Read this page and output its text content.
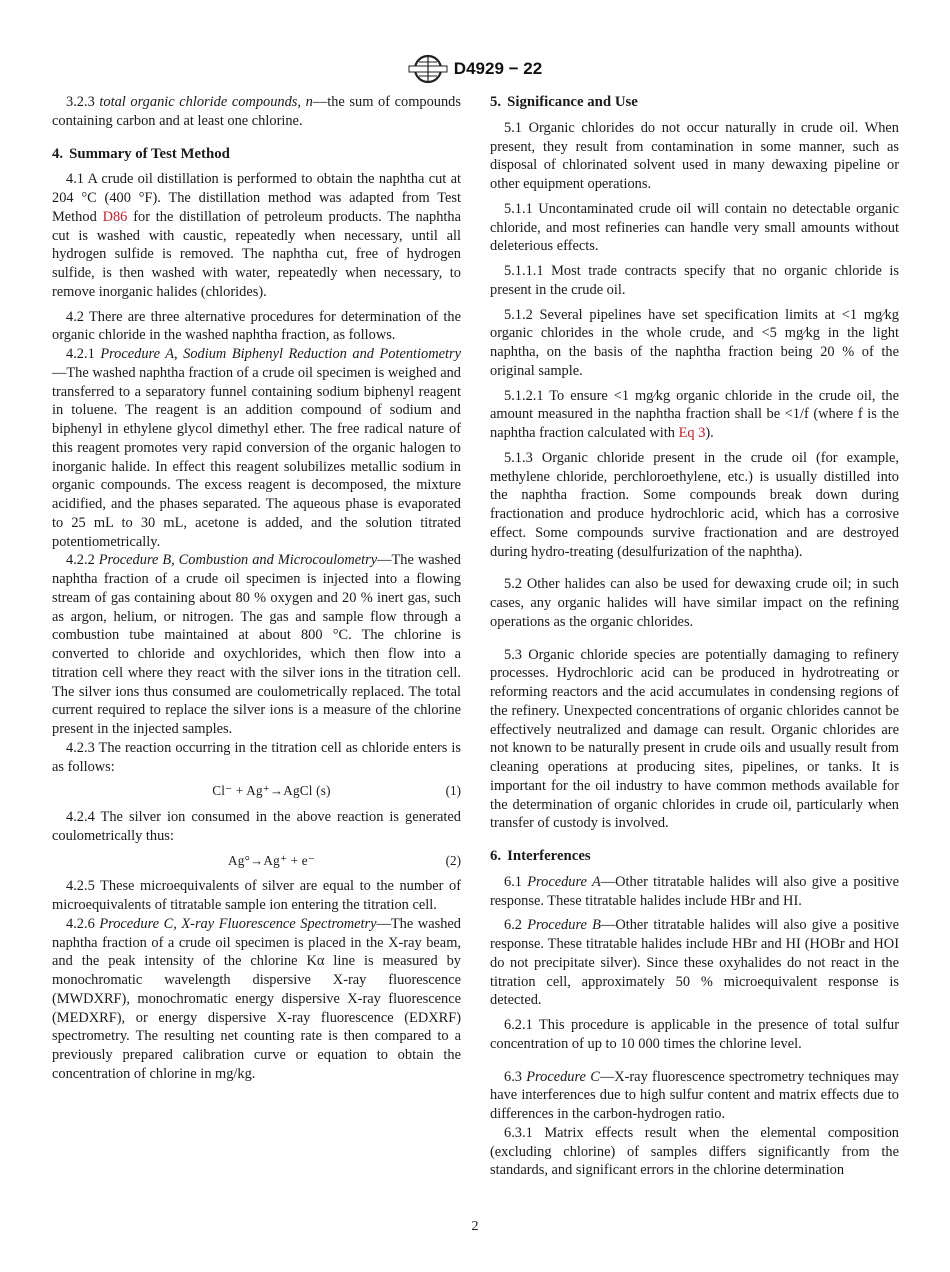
D4929 − 22

3.2.3 total organic chloride compounds, n—the sum of compounds containing carbon and at least one chlorine.

4. Summary of Test Method

4.1 A crude oil distillation is performed to obtain the naphtha cut at 204 °C (400 °F). The distillation method was adapted from Test Method D86 for the distillation of petroleum products. The naphtha cut is washed with caustic, repeatedly when necessary, until all hydrogen sulfide is removed. The naphtha cut, free of hydrogen sulfide, is then washed with water, repeatedly when necessary, to remove inorganic halides (chlorides).

4.2 There are three alternative procedures for determination of the organic chloride in the washed naphtha fraction, as follows.

4.2.1 Procedure A, Sodium Biphenyl Reduction and Potentiometry—The washed naphtha fraction of a crude oil specimen is weighed and transferred to a separatory funnel containing sodium biphenyl reagent in toluene. The reagent is an addition compound of sodium and biphenyl in ethylene glycol dimethyl ether. The free radical nature of this reagent promotes very rapid conversion of the organic halogen to inorganic halide. In effect this reagent solubilizes metallic sodium in organic compounds. The excess reagent is decomposed, the mixture acidified, and the phases separated. The aqueous phase is evaporated to 25 mL to 30 mL, acetone is added, and the solution titrated potentiometrically.

4.2.2 Procedure B, Combustion and Microcoulometry—The washed naphtha fraction of a crude oil specimen is injected into a flowing stream of gas containing about 80 % oxygen and 20 % inert gas, such as argon, helium, or nitrogen. The gas and sample flow through a combustion tube maintained at about 800 °C. The chlorine is converted to chloride and oxychlorides, which then flow into a titration cell where they react with the silver ions in the titration cell. The silver ions thus consumed are coulometrically replaced. The total current required to replace the silver ions is a measure of the chlorine present in the injected samples.

4.2.3 The reaction occurring in the titration cell as chloride enters is as follows:

Cl⁻ + Ag⁺→AgCl (s)	(1)

4.2.4 The silver ion consumed in the above reaction is generated coulometrically thus:

Ag°→Ag⁺ + e⁻	(2)

4.2.5 These microequivalents of silver are equal to the number of microequivalents of titratable sample ion entering the titration cell.

4.2.6 Procedure C, X-ray Fluorescence Spectrometry—The washed naphtha fraction of a crude oil specimen is placed in the X-ray beam, and the peak intensity of the chlorine Kα line is measured by monochromatic wavelength dispersive X-ray fluorescence (MWDXRF), monochromatic energy dispersive X-ray fluorescence (MEDXRF), or energy dispersive X-ray fluorescence (EDXRF) spectrometry. The resulting net counting rate is then compared to a previously prepared calibration curve or equation to obtain the concentration of chlorine in mg/kg.

5. Significance and Use

5.1 Organic chlorides do not occur naturally in crude oil. When present, they result from contamination in some manner, such as disposal of chlorinated solvent used in many dewaxing pipeline or other equipment operations.

5.1.1 Uncontaminated crude oil will contain no detectable organic chloride, and most refineries can handle very small amounts without deleterious effects.

5.1.1.1 Most trade contracts specify that no organic chloride is present in the crude oil.

5.1.2 Several pipelines have set specification limits at <1 mg⁄kg organic chlorides in the whole crude, and <5 mg⁄kg in the light naphtha, on the basis of the naphtha fraction being 20 % of the original sample.

5.1.2.1 To ensure <1 mg⁄kg organic chloride in the crude oil, the amount measured in the naphtha fraction shall be <1/f (where f is the naphtha fraction calculated with Eq 3).

5.1.3 Organic chloride present in the crude oil (for example, methylene chloride, perchloroethylene, etc.) is usually distilled into the naphtha fraction. Some compounds break down during fractionation and produce hydrochloric acid, which has a corrosive effect. Some compounds survive fractionation and are destroyed during hydro-treating (desulfurization of the naphtha).

5.2 Other halides can also be used for dewaxing crude oil; in such cases, any organic halides will have similar impact on the refining operations as the organic chlorides.

5.3 Organic chloride species are potentially damaging to refinery processes. Hydrochloric acid can be produced in hydrotreating or reforming reactors and the acid accumulates in condensing regions of the refinery. Unexpected concentrations of organic chlorides cannot be effectively neutralized and damage can result. Organic chlorides are not known to be naturally present in crude oils and usually result from cleaning operations at producing sites, pipelines, or tanks. It is important for the oil industry to have common methods available for the determination of organic chlorides in crude oil, particularly when transfer of custody is involved.

6. Interferences

6.1 Procedure A—Other titratable halides will also give a positive response. These titratable halides include HBr and HI.

6.2 Procedure B—Other titratable halides will also give a positive response. These titratable halides include HBr and HI (HOBr and HOI do not precipitate silver). Since these oxyhalides do not react in the titration cell, approximately 50 % microequivalent response is detected.

6.2.1 This procedure is applicable in the presence of total sulfur concentration of up to 10 000 times the chlorine level.

6.3 Procedure C—X-ray fluorescence spectrometry techniques may have interferences due to high sulfur content and matrix effects due to differences in the carbon-hydrogen ratio.

6.3.1 Matrix effects result when the elemental composition (excluding chlorine) of samples differs significantly from the standards, and significant errors in the chlorine determination

2
